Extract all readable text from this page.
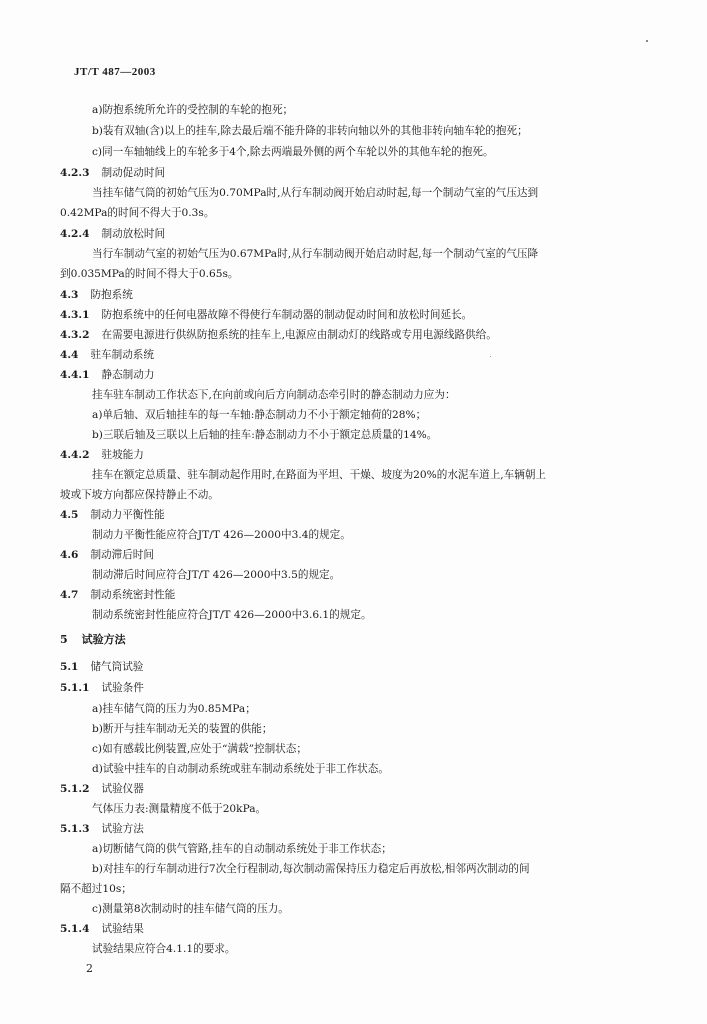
JT/T 487—2003
a)防抱系统所允许的受控制的车轮的抱死；
b)装有双轴(含)以上的挂车,除去最后端不能升降的非转向轴以外的其他非转向轴车轮的抱死；
c)同一车轴轴线上的车轮多于4个,除去两端最外侧的两个车轮以外的其他车轮的抱死。
4.2.3 制动促动时间
当挂车储气筒的初始气压为0.70MPa时,从行车制动阀开始启动时起,每一个制动气室的气压达到
0.42MPa的时间不得大于0.3s。
4.2.4 制动放松时间
当行车制动气室的初始气压为0.67MPa时,从行车制动阀开始启动时起,每一个制动气室的气压降
到0.035MPa的时间不得大于0.65s。
4.3 防抱系统
4.3.1 防抱系统中的任何电器故障不得使行车制动器的制动促动时间和放松时间延长。
4.3.2 在需要电源进行供纵防抱系统的挂车上,电源应由制动灯的线路或专用电源线路供给。
4.4 驻车制动系统
4.4.1 静态制动力
挂车驻车制动工作状态下,在向前或向后方向制动态牵引时的静态制动力应为：
a)单后轴、双后轴挂车的每一车轴:静态制动力不小于额定轴荷的28%；
b)三联后轴及三联以上后轴的挂车:静态制动力不小于额定总质量的14%。
4.4.2 驻坡能力
挂车在额定总质量、驻车制动起作用时,在路面为平坦、干燥、坡度为20%的水泥车道上,车辆朝上
坡或下坡方向都应保持静止不动。
4.5 制动力平衡性能
制动力平衡性能应符合JT/T 426—2000中3.4的规定。
4.6 制动滞后时间
制动滞后时间应符合JT/T 426—2000中3.5的规定。
4.7 制动系统密封性能
制动系统密封性能应符合JT/T 426—2000中3.6.1的规定。
5 试验方法
5.1 储气筒试验
5.1.1 试验条件
a)挂车储气筒的压力为0.85MPa；
b)断开与挂车制动无关的装置的供能；
c)如有感载比例装置,应处于“满载”控制状态；
d)试验中挂车的自动制动系统或驻车制动系统处于非工作状态。
5.1.2 试验仪器
气体压力表:测量精度不低于20kPa。
5.1.3 试验方法
a)切断储气筒的供气管路,挂车的自动制动系统处于非工作状态；
b)对挂车的行车制动进行7次全行程制动,每次制动需保持压力稳定后再放松,相邻两次制动的间
隔不超过10s；
c)测量第8次制动时的挂车储气筒的压力。
5.1.4 试验结果
试验结果应符合4.1.1的要求。
2
